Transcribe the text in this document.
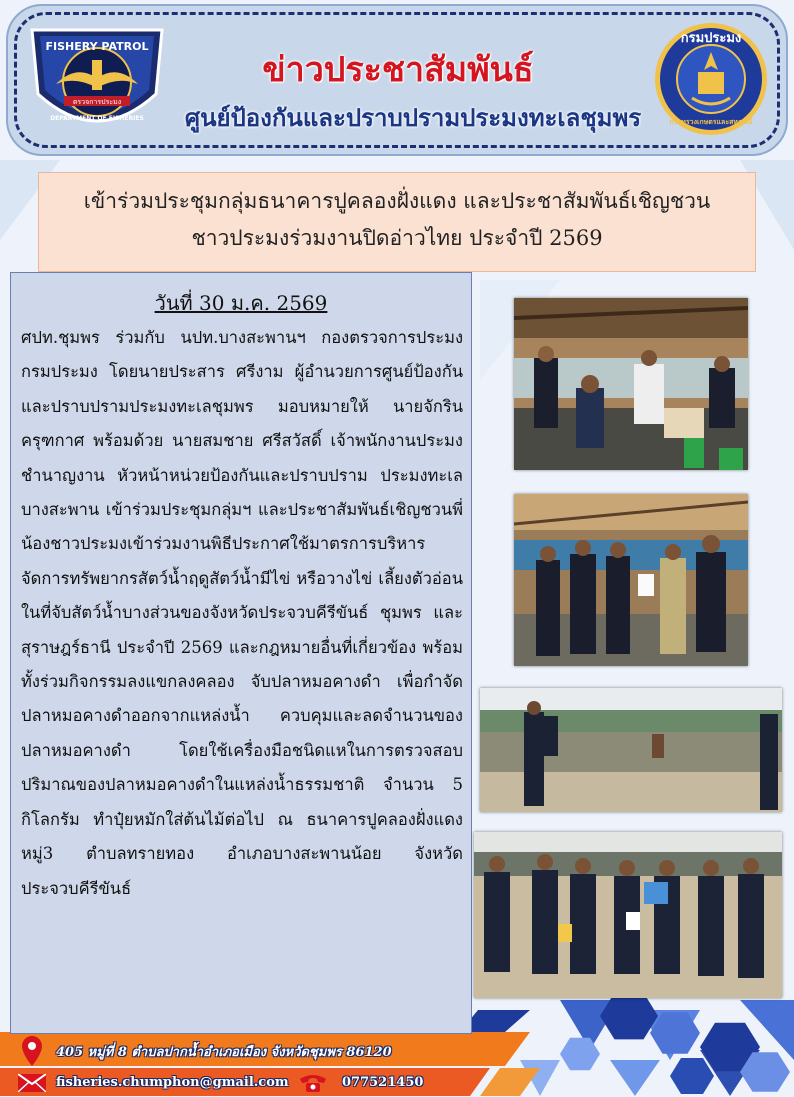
FISHERY PATROL
ตรวจการประมง
DEPARTMENT OF FISHERIES
ข่าวประชาสัมพันธ์
ศูนย์ป้องกันและปราบปรามประมงทะเลชุมพร
กรมประมง
กระทรวงเกษตรและสหกรณ์
เข้าร่วมประชุมกลุ่มธนาคารปูคลองฝั่งแดง และประชาสัมพันธ์เชิญชวน
ชาวประมงร่วมงานปิดอ่าวไทย ประจำปี 2569
วันที่ 30 ม.ค. 2569
ศปท.ชุมพร ร่วมกับ นปท.บางสะพานฯ กองตรวจการประมง กรมประมง โดยนายประสาร ศรีงาม ผู้อำนวยการศูนย์ป้องกันและปราบปรามประมงทะเลชุมพร มอบหมายให้ นายจักริน ครุฑกาศ พร้อมด้วย นายสมชาย ศรีสวัสดิ์ เจ้าพนักงานประมงชำนาญงาน หัวหน้าหน่วยป้องกันและปราบปราม ประมงทะเลบางสะพาน เข้าร่วมประชุมกลุ่มฯ และประชาสัมพันธ์เชิญชวนพี่น้องชาวประมงเข้าร่วมงานพิธีประกาศใช้มาตรการบริหารจัดการทรัพยากรสัตว์น้ำฤดูสัตว์น้ำมีไข่ หรือวางไข่ เลี้ยงตัวอ่อน ในที่จับสัตว์น้ำบางส่วนของจังหวัดประจวบคีรีขันธ์ ชุมพร และสุราษฎร์ธานี ประจำปี 2569 และกฎหมายอื่นที่เกี่ยวข้อง พร้อมทั้งร่วมกิจกรรมลงแขกลงคลอง จับปลาหมอคางดำ เพื่อกำจัดปลาหมอคางดำออกจากแหล่งน้ำ ควบคุมและลดจำนวนของปลาหมอคางดำ โดยใช้เครื่องมือชนิดแหในการตรวจสอบปริมาณของปลาหมอคางดำในแหล่งน้ำธรรมชาติ จำนวน 5 กิโลกรัม ทำปุ๋ยหมักใส่ต้นไม้ต่อไป ณ ธนาคารปูคลองฝั่งแดง หมู่3 ตำบลทรายทอง อำเภอบางสะพานน้อย จังหวัดประจวบคีรีขันธ์
405 หมู่ที่ 8 ตำบลปากน้ำอำเภอเมือง จังหวัดชุมพร 86120
fisheries.chumphon@gmail.com	077521450
